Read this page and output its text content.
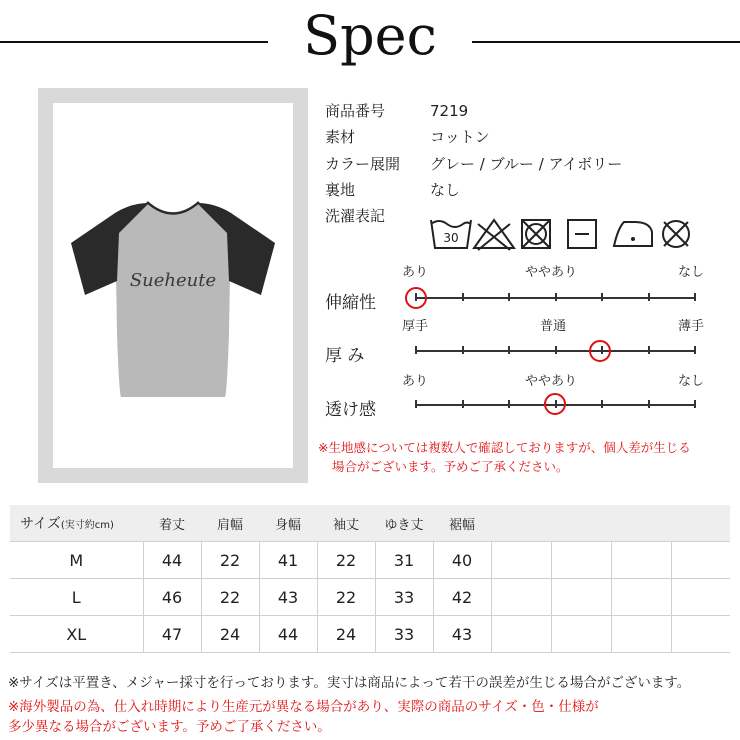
Spec
Sueheute
商品番号	7219
素材	コットン
カラー展開 グレー / ブルー / アイボリー
裏地	なし
洗濯表記
30
あり	ややあり	なし
伸縮性
厚手	普通	薄手
厚 み
あり	ややあり	なし
透け感
※生地感については複数人で確認しておりますが、個人差が生じる
場合がございます。予めご了承ください。
サイズ(実寸約cm)	着丈	肩幅	身幅	袖丈	ゆき丈	裾幅				
M	44	22	41	22	31	40				
L	46	22	43	22	33	42				
XL	47	24	44	24	33	43				
※サイズは平置き、メジャー採寸を行っております。実寸は商品によって若干の誤差が生じる場合がございます。
※海外製品の為、仕入れ時期により生産元が異なる場合があり、実際の商品のサイズ・色・仕様が
多少異なる場合がございます。予めご了承ください。
